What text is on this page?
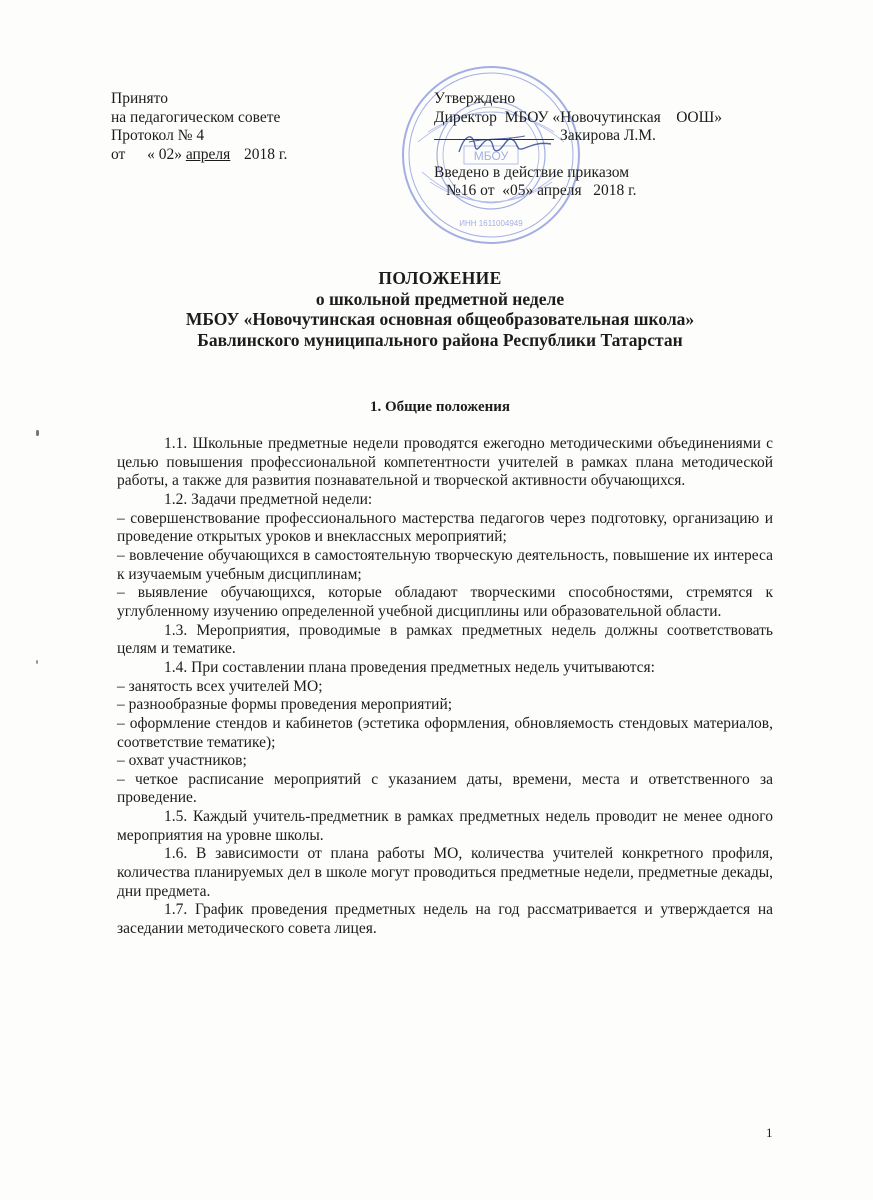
Принято
на педагогическом совете
Протокол № 4
от « 02» апреля 2018 г.	МБОУ
ИНН 1611004949
Утверждено
Директор  МБОУ «Новочутинская    ООШ»
Закирова Л.М.
Введено в действие приказом
№16 от  «05» апреля   2018 г.
ПОЛОЖЕНИЕ
о школьной предметной неделе
МБОУ «Новочутинская основная общеобразовательная школа»
Бавлинского муниципального района Республики Татарстан
1. Общие положения

1.1. Школьные предметные недели проводятся ежегодно методическими объединениями с целью повышения профессиональной компетентности учителей в рамках плана методической работы, а также для развития познавательной и творческой активности обучающихся.

1.2. Задачи предметной недели:

– совершенствование профессионального мастерства педагогов через подготовку, организацию и проведение открытых уроков и внеклассных мероприятий;

– вовлечение обучающихся в самостоятельную творческую деятельность, повышение их интереса к изучаемым учебным дисциплинам;

– выявление обучающихся, которые обладают творческими способностями, стремятся к углубленному изучению определенной учебной дисциплины или образовательной области.

1.3. Мероприятия, проводимые в рамках предметных недель должны соответствовать целям и тематике.

1.4. При составлении плана проведения предметных недель учитываются:

– занятость всех учителей МО;

– разнообразные формы проведения мероприятий;

– оформление стендов и кабинетов (эстетика оформления, обновляемость стендовых материалов, соответствие тематике);

– охват участников;

– четкое расписание мероприятий с указанием даты, времени, места и ответственного за проведение.

1.5. Каждый учитель-предметник в рамках предметных недель проводит не менее одного мероприятия на уровне школы.

1.6. В зависимости от плана работы МО, количества учителей конкретного профиля, количества планируемых дел в школе могут проводиться предметные недели, предметные декады, дни предмета.

1.7. График проведения предметных недель на год рассматривается и утверждается на заседании методического совета лицея.

1
